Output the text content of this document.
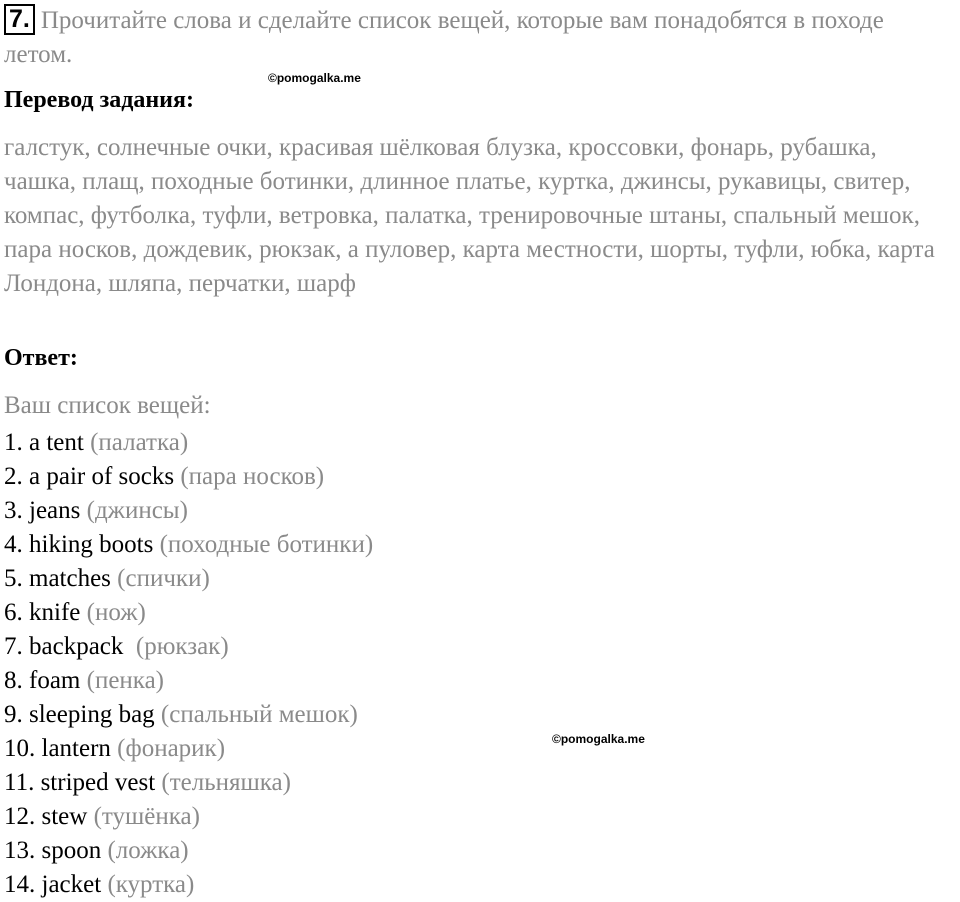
7. Прочитайте слова и сделайте список вещей, которые вам понадобятся в походе летом.
©pomogalka.me
Перевод задания:
галстук, солнечные очки, красивая шёлковая блузка, кроссовки, фонарь, рубашка, чашка, плащ, походные ботинки, длинное платье, куртка, джинсы, рукавицы, свитер, компас, футболка, туфли, ветровка, палатка, тренировочные штаны, спальный мешок, пара носков, дождевик, рюкзак, а пуловер, карта местности, шорты, туфли, юбка, карта Лондона, шляпа, перчатки, шарф
Ответ:
Ваш список вещей:
1. a tent (палатка)
2. a pair of socks (пара носков)
3. jeans (джинсы)
4. hiking boots (походные ботинки)
5. matches (спички)
6. knife (нож)
7. backpack  (рюкзак)
8. foam (пенка)
9. sleeping bag (спальный мешок)
10. lantern (фонарик)
11. striped vest (тельняшка)
12. stew (тушёнка)
13. spoon (ложка)
14. jacket (куртка)
©pomogalka.me
